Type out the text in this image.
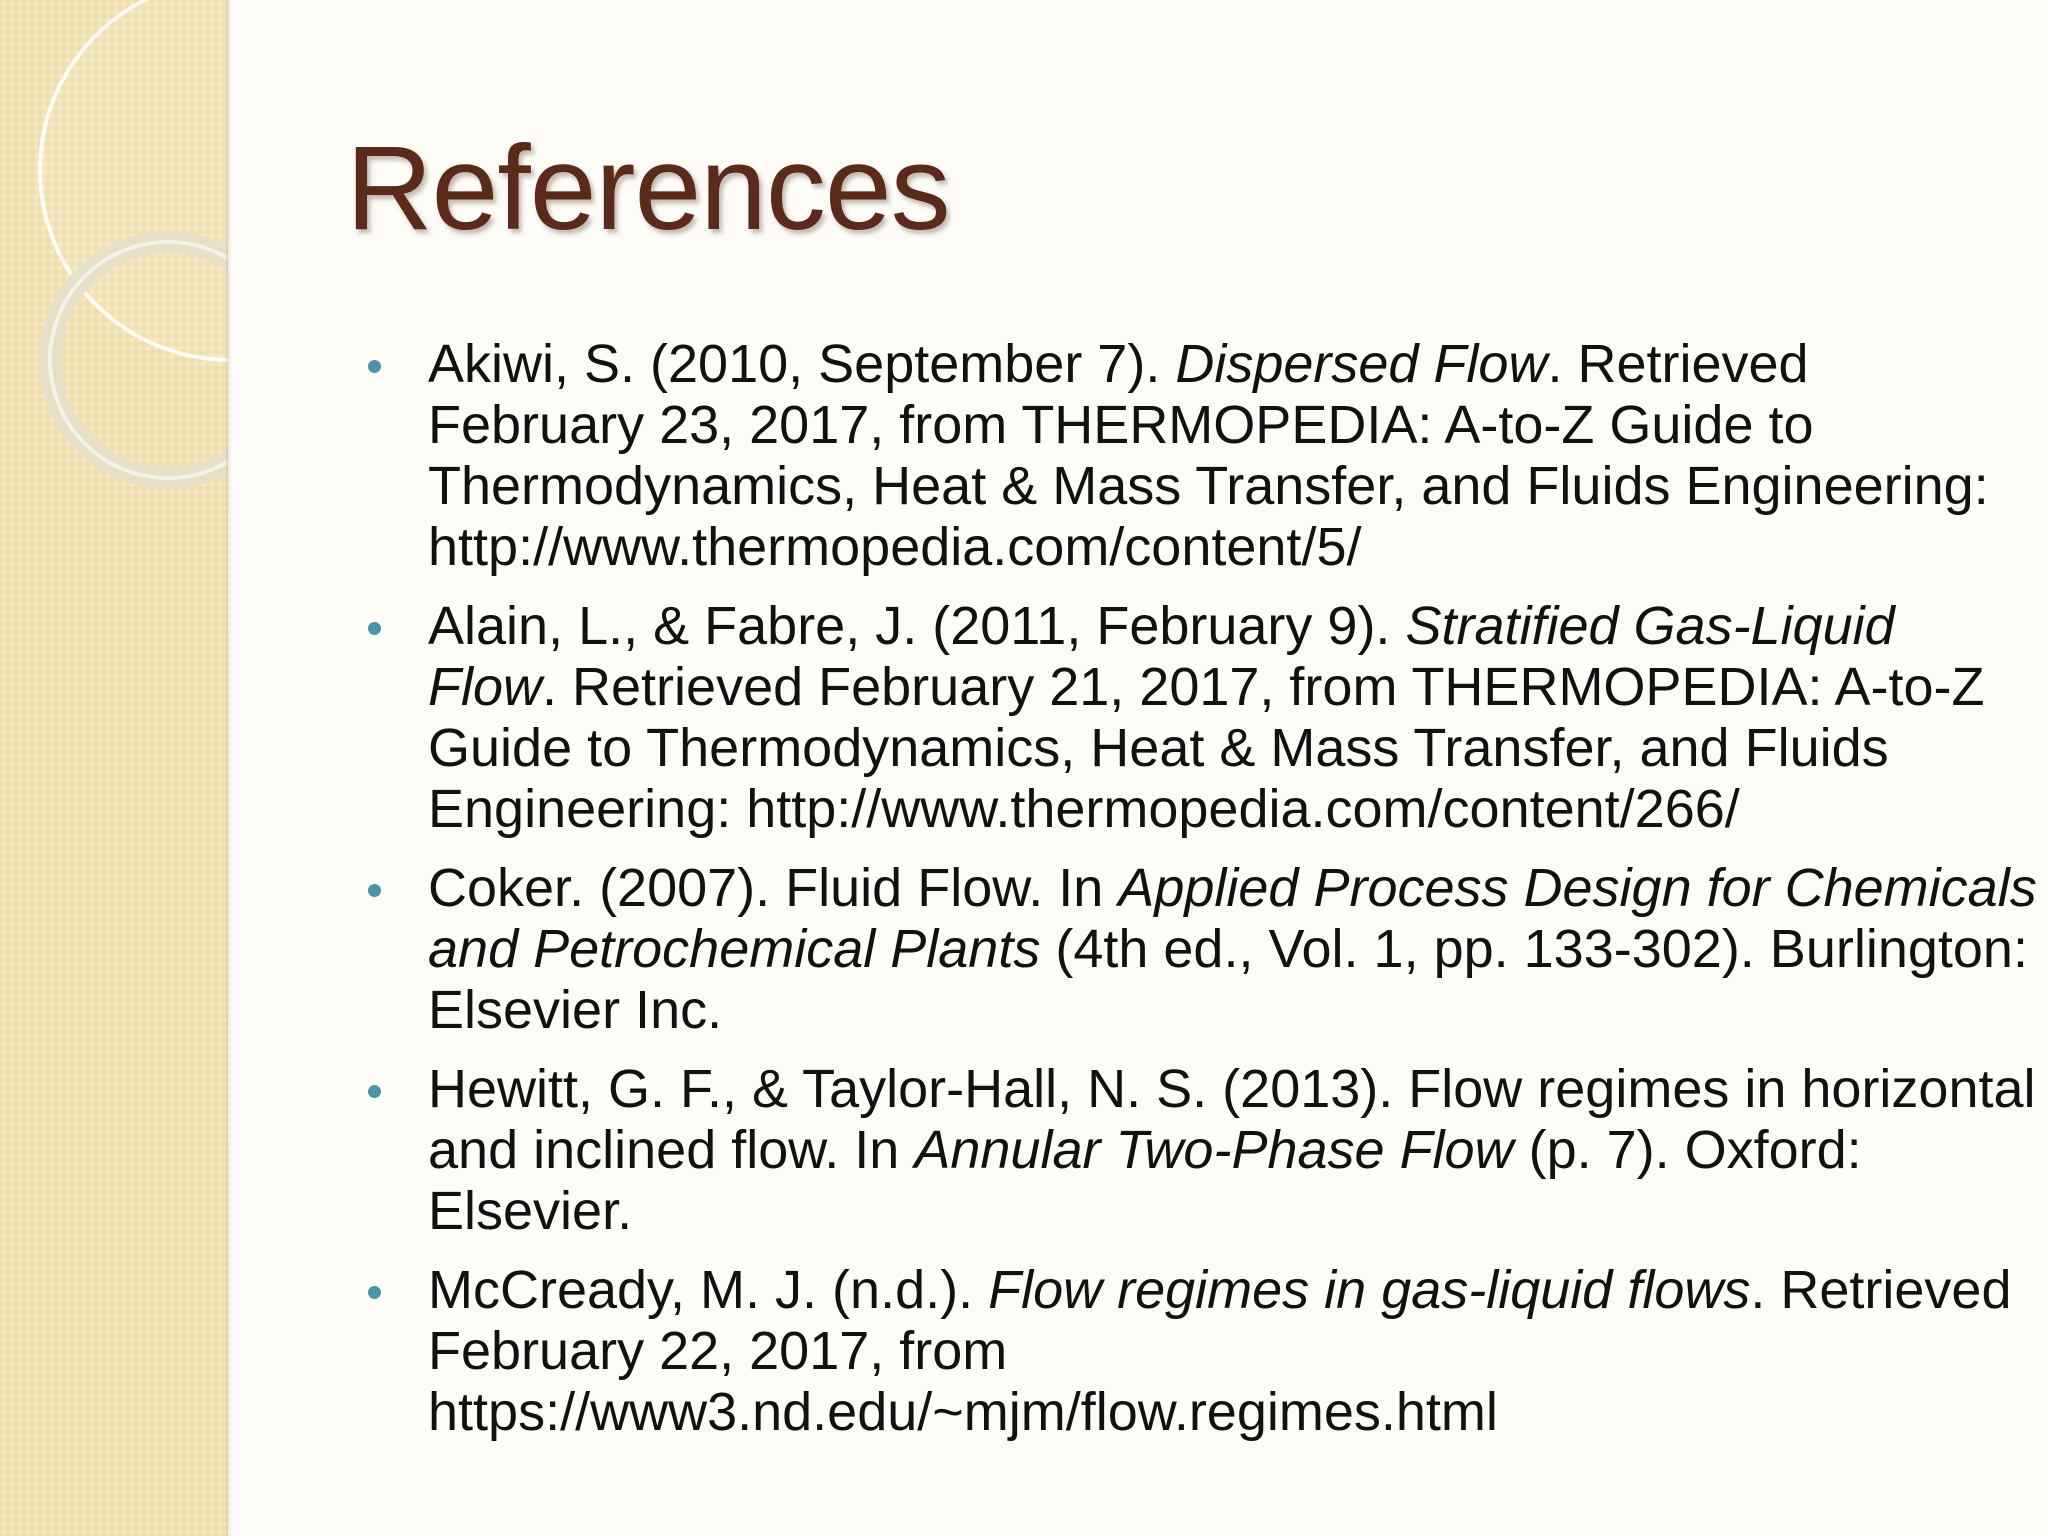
References
Akiwi, S. (2010, September 7). Dispersed Flow. Retrieved February 23, 2017, from THERMOPEDIA: A-to-Z Guide to Thermodynamics, Heat & Mass Transfer, and Fluids Engineering: http://www.thermopedia.com/content/5/
Alain, L., & Fabre, J. (2011, February 9). Stratified Gas-Liquid Flow. Retrieved February 21, 2017, from THERMOPEDIA: A-to-Z Guide to Thermodynamics, Heat & Mass Transfer, and Fluids Engineering: http://www.thermopedia.com/content/266/
Coker. (2007). Fluid Flow. In Applied Process Design for Chemicals and Petrochemical Plants (4th ed., Vol. 1, pp. 133-302). Burlington: Elsevier Inc.
Hewitt, G. F., & Taylor-Hall, N. S. (2013). Flow regimes in horizontal and inclined flow. In Annular Two-Phase Flow (p. 7). Oxford: Elsevier.
McCready, M. J. (n.d.). Flow regimes in gas-liquid flows. Retrieved February 22, 2017, from https://www3.nd.edu/~mjm/flow.regimes.html
